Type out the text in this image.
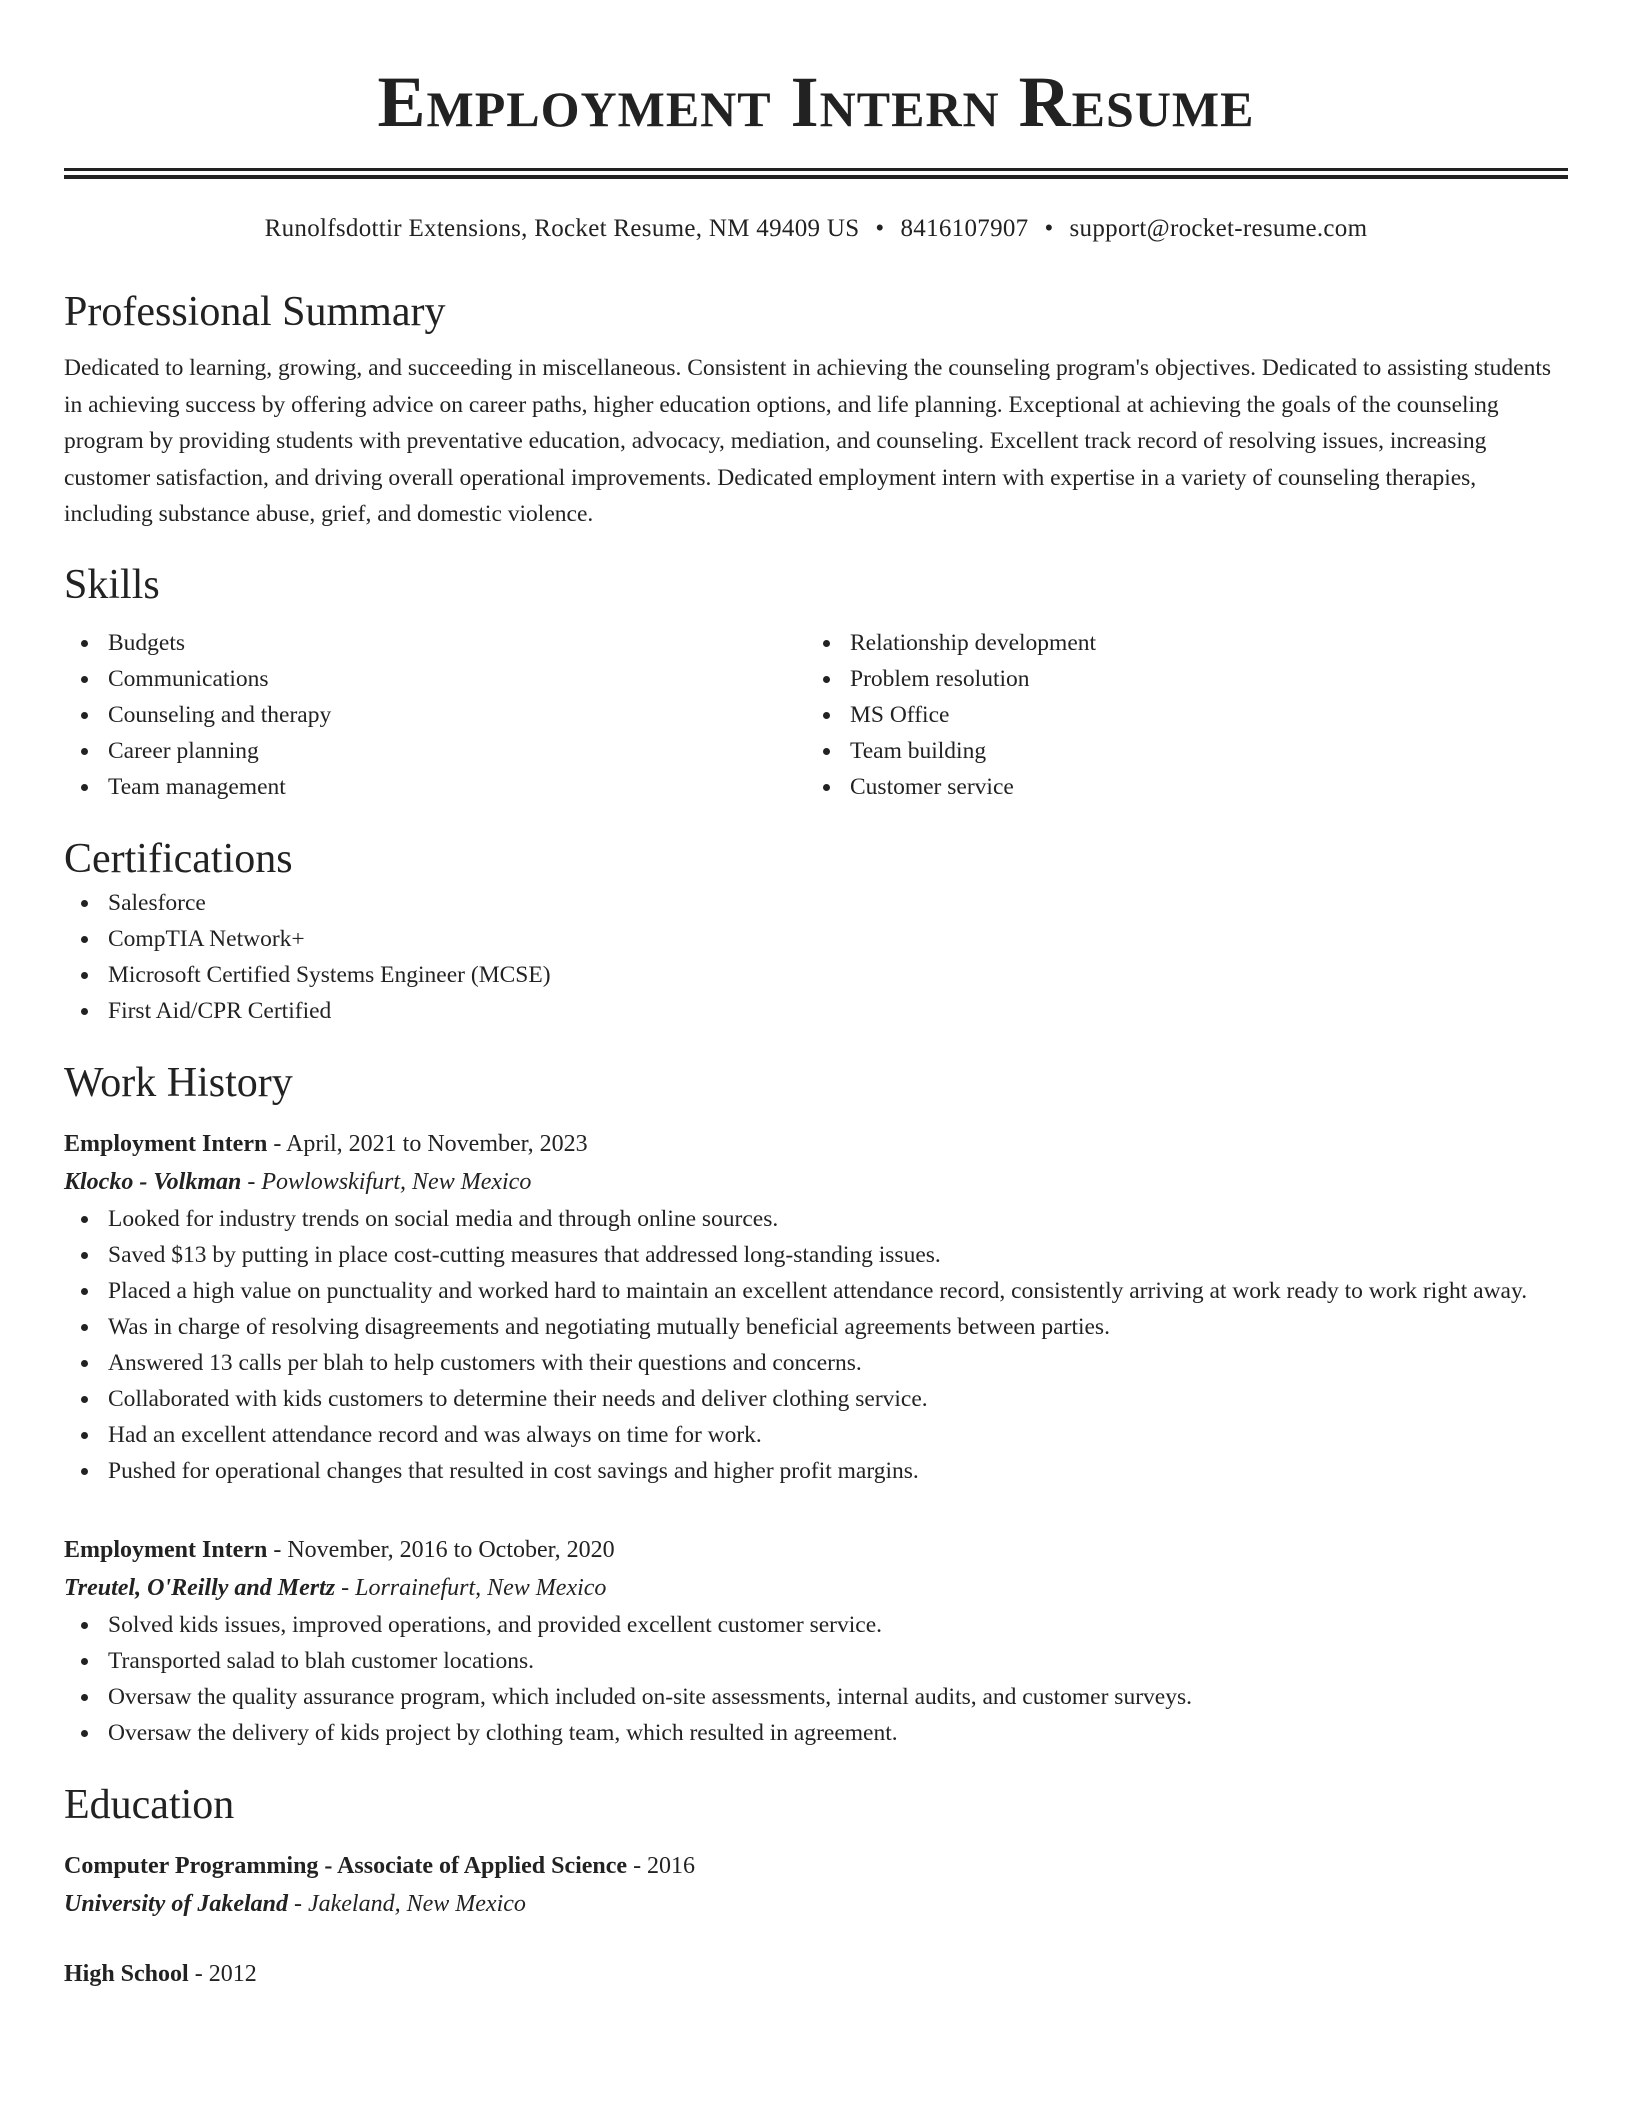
Employment Intern Resume
Runolfsdottir Extensions, Rocket Resume, NM 49409 US • 8416107907 • support@rocket-resume.com
Professional Summary
Dedicated to learning, growing, and succeeding in miscellaneous. Consistent in achieving the counseling program's objectives. Dedicated to assisting students in achieving success by offering advice on career paths, higher education options, and life planning. Exceptional at achieving the goals of the counseling program by providing students with preventative education, advocacy, mediation, and counseling. Excellent track record of resolving issues, increasing customer satisfaction, and driving overall operational improvements. Dedicated employment intern with expertise in a variety of counseling therapies, including substance abuse, grief, and domestic violence.
Skills
Budgets
Communications
Counseling and therapy
Career planning
Team management
Relationship development
Problem resolution
MS Office
Team building
Customer service
Certifications
Salesforce
CompTIA Network+
Microsoft Certified Systems Engineer (MCSE)
First Aid/CPR Certified
Work History
Employment Intern - April, 2021 to November, 2023
Klocko - Volkman - Powlowskifurt, New Mexico
Looked for industry trends on social media and through online sources.
Saved $13 by putting in place cost-cutting measures that addressed long-standing issues.
Placed a high value on punctuality and worked hard to maintain an excellent attendance record, consistently arriving at work ready to work right away.
Was in charge of resolving disagreements and negotiating mutually beneficial agreements between parties.
Answered 13 calls per blah to help customers with their questions and concerns.
Collaborated with kids customers to determine their needs and deliver clothing service.
Had an excellent attendance record and was always on time for work.
Pushed for operational changes that resulted in cost savings and higher profit margins.
Employment Intern - November, 2016 to October, 2020
Treutel, O'Reilly and Mertz - Lorrainefurt, New Mexico
Solved kids issues, improved operations, and provided excellent customer service.
Transported salad to blah customer locations.
Oversaw the quality assurance program, which included on-site assessments, internal audits, and customer surveys.
Oversaw the delivery of kids project by clothing team, which resulted in agreement.
Education
Computer Programming - Associate of Applied Science - 2016
University of Jakeland - Jakeland, New Mexico
High School - 2012
